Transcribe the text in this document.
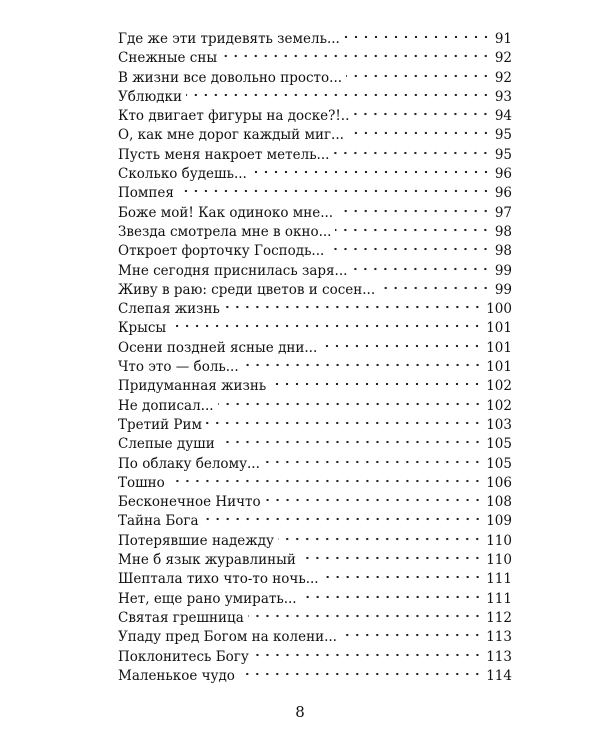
Где же эти тридевять земель...	91
Снежные сны	92
В жизни все довольно просто...	92
Ублюдки	93
Кто двигает фигуры на доске?!..	94
О, как мне дорог каждый миг...	95
Пусть меня накроет метель...	95
Сколько будешь...	96
Помпея	96
Боже мой! Как одиноко мне...	97
Звезда смотрела мне в окно...	98
Откроет форточку Господь...	98
Мне сегодня приснилась заря...	99
Живу в раю: среди цветов и сосен...	99
Слепая жизнь	100
Крысы	101
Осени поздней ясные дни...	101
Что это — боль...	101
Придуманная жизнь	102
Не дописал...	102
Третий Рим	103
Слепые души	105
По облаку белому...	105
Тошно	106
Бесконечное Ничто	108
Тайна Бога	109
Потерявшие надежду	110
Мне б язык журавлиный	110
Шептала тихо что-то ночь...	111
Нет, еще рано умирать...	111
Святая грешница	112
Упаду пред Богом на колени...	113
Поклонитесь Богу	113
Маленькое чудо	114
8
